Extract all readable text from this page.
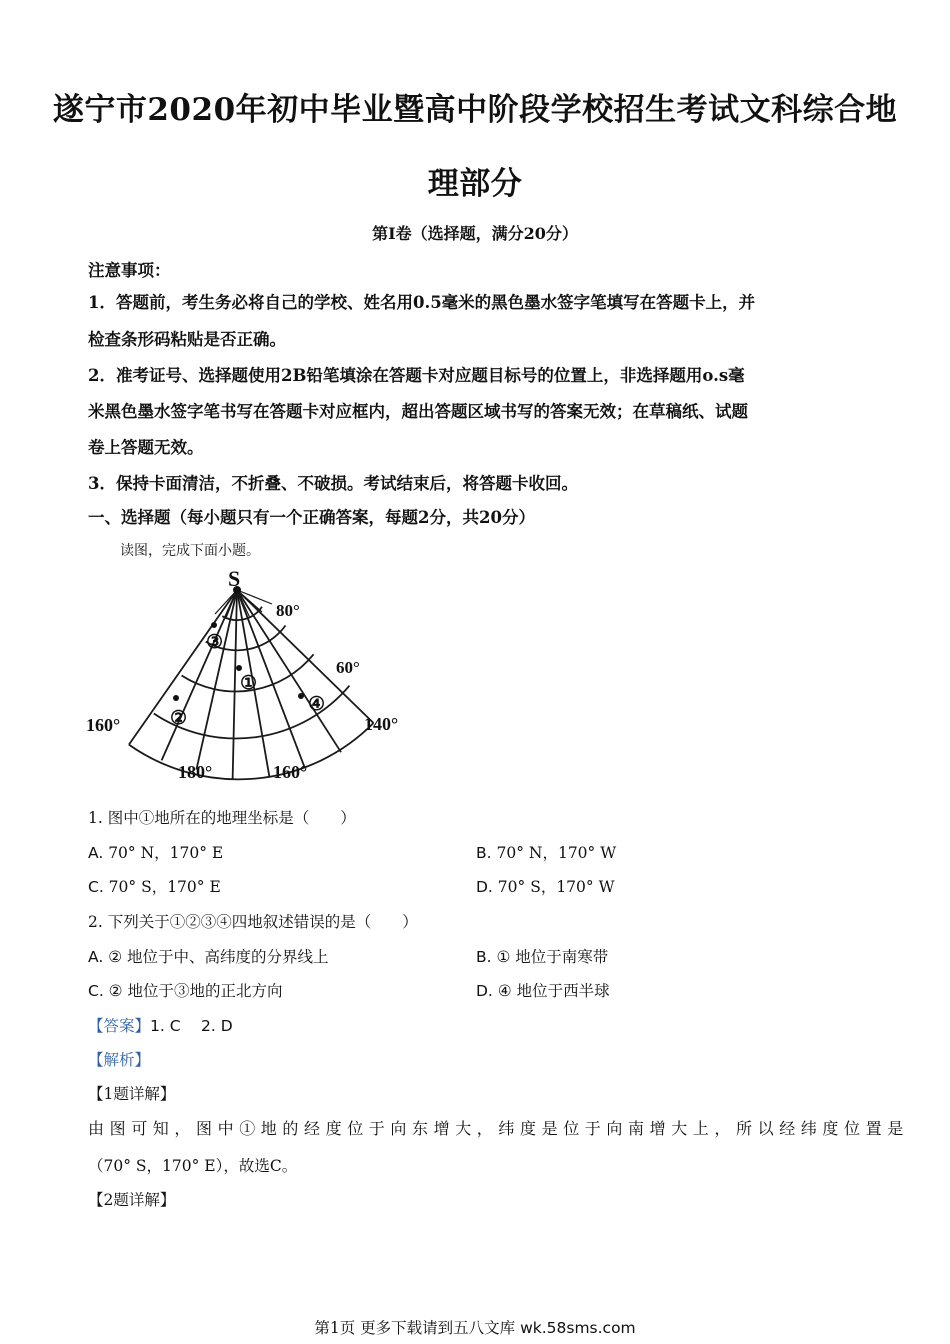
遂宁市2020年初中毕业暨高中阶段学校招生考试文科综合地
理部分
第Ⅰ卷（选择题，满分20分）
注意事项：
1．答题前，考生务必将自己的学校、姓名用0.5毫米的黑色墨水签字笔填写在答题卡上，并
检查条形码粘贴是否正确。
2．准考证号、选择题使用2B铅笔填涂在答题卡对应题目标号的位置上，非选择题用o.s毫
米黑色墨水签字笔书写在答题卡对应框内，超出答题区域书写的答案无效；在草稿纸、试题
卷上答题无效。
3．保持卡面清洁，不折叠、不破损。考试结束后，将答题卡收回。
一、选择题（每小题只有一个正确答案，每题2分，共20分）
读图，完成下面小题。
S
80°
60°
160°	140°
180°	160°
③
②
①
④
1. 图中①地所在的地理坐标是（　　）
A. 70° N，170° E	B. 70° N，170° W
C. 70° S，170° E	D. 70° S，170° W
2. 下列关于①②③④四地叙述错误的是（　　）
A. ② 地位于中、高纬度的分界线上	B. ① 地位于南寒带
C. ② 地位于③地的正北方向	D. ④ 地位于西半球
【答案】1. C　 2. D
【解析】
【1题详解】
由图可知，图中①地的经度位于向东增大，纬度是位于向南增大上，所以经纬度位置是
（70° S，170° E），故选C。
【2题详解】
第1页 更多下载请到五八文库 wk.58sms.com
